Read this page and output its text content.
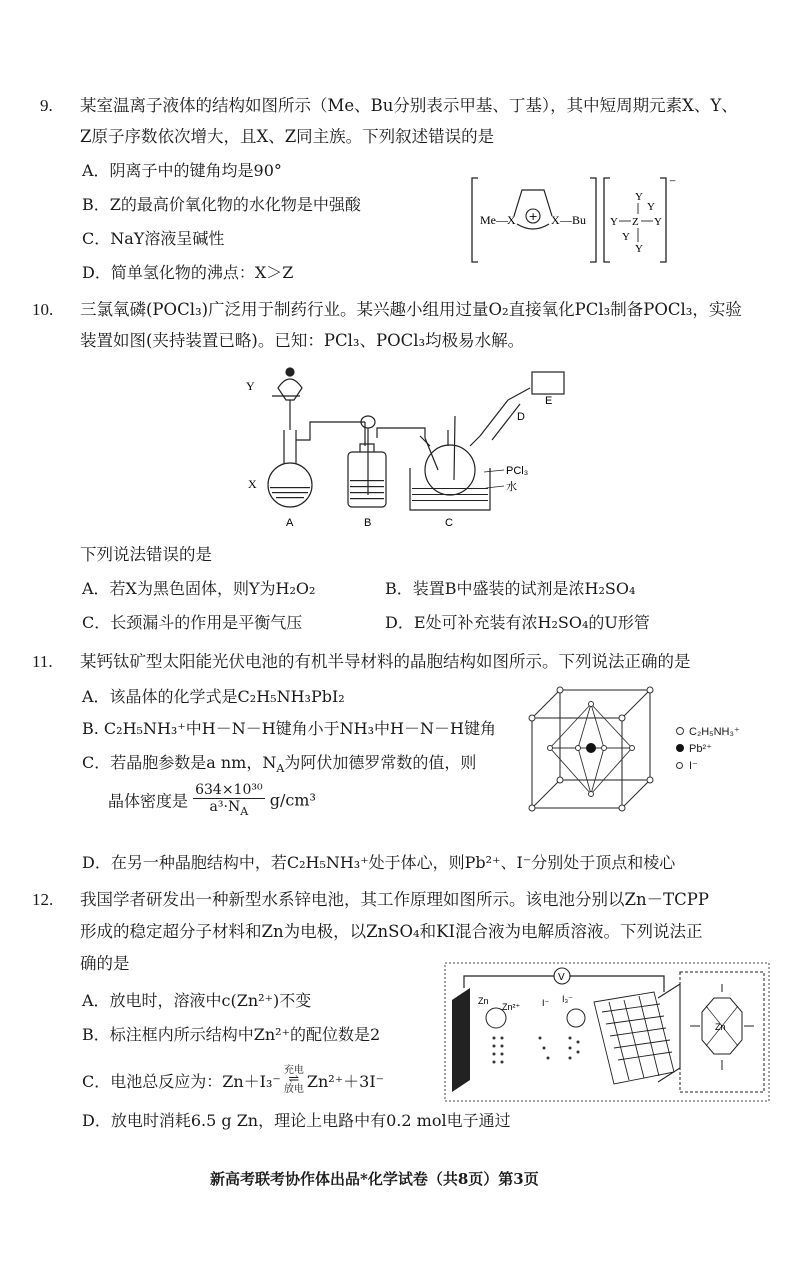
9. 某室温离子液体的结构如图所示（Me、Bu分别表示甲基、丁基），其中短周期元素X、Y、
Z原子序数依次增大，且X、Z同主族。下列叙述错误的是
A．阴离子中的键角均是90°
B．Z的最高价氧化物的水化物是中强酸
C．NaY溶液呈碱性
D．简单氢化物的沸点：X＞Z
+
Me— X	X —Bu
⁻
Y
Y
Y Z Y
Y
Y
10. 三氯氧磷(POCl₃)广泛用于制药行业。某兴趣小组用过量O₂直接氧化PCl₃制备POCl₃，实验
装置如图(夹持装置已略)。已知：PCl₃、POCl₃均极易水解。
Y
X
A	B	C
D
E
PCl₃
水
下列说法错误的是
A．若X为黑色固体，则Y为H₂O₂	B．装置B中盛装的试剂是浓H₂SO₄
C．长颈漏斗的作用是平衡气压	D．E处可补充装有浓H₂SO₄的U形管
11. 某钙钛矿型太阳能光伏电池的有机半导材料的晶胞结构如图所示。下列说法正确的是
A．该晶体的化学式是C₂H₅NH₃PbI₂
B. C₂H₅NH₃⁺中H－N－H键角小于NH₃中H－N－H键角
C．若晶胞参数是a nm，$N_A$为阿伏加德罗常数的值，则
晶体密度是 $\frac{\text{634×10³⁰}}{a^3\cdot N_A} g/cm^3$
D．在另一种晶胞结构中，若C₂H₅NH₃⁺处于体心，则Pb²⁺、I⁻分别处于顶点和棱心
C₂H₅NH₃⁺
Pb²⁺
I⁻
12. 我国学者研发出一种新型水系锌电池，其工作原理如图所示。该电池分别以Zn－TCPP
形成的稳定超分子材料和Zn为电极，以ZnSO₄和KI混合液为电解质溶液。下列说法正
确的是
A．放电时，溶液中c(Zn²⁺)不变
B．标注框内所示结构中Zn²⁺的配位数是2
C．电池总反应为：Zn＋I₃⁻
充电
⇌
放电 Zn²⁺＋3I⁻
D．放电时消耗6.5 g Zn，理论上电路中有0.2 mol电子通过
V
Zn
Zn²⁺ I⁻ I₃⁻
Zn
新高考联考协作体出品*化学试卷（共8页）第3页
